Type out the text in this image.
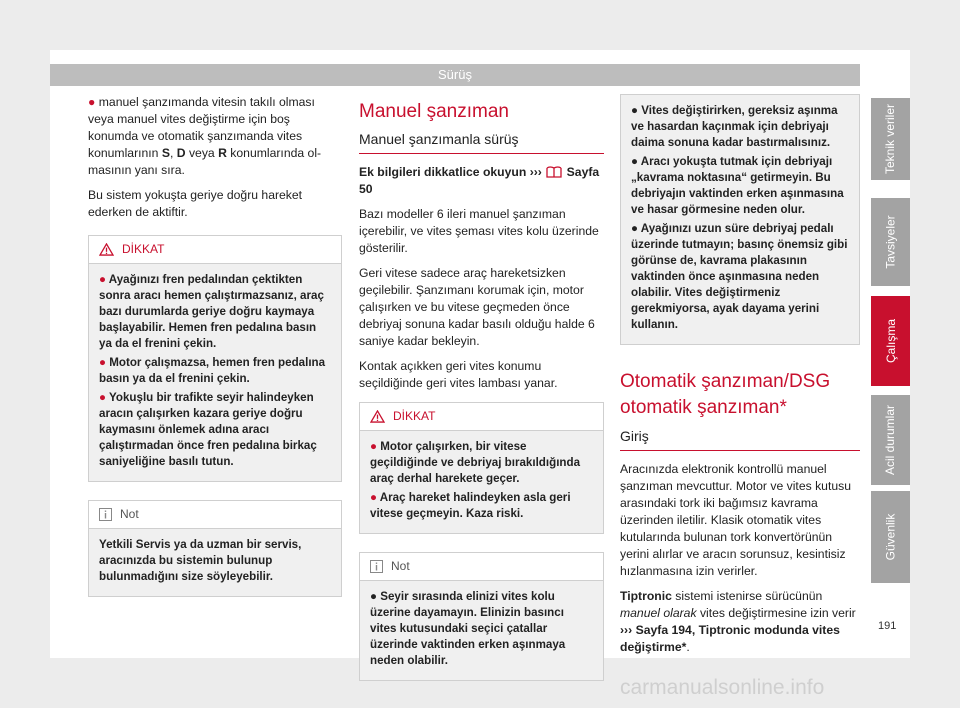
Sürüş

● manuel şanzımanda vitesin takılı olması veya manuel vites değiştirme için boş konumda ve otomatik şanzımanda vites konumlarının S, D veya R konumlarında olmasının yanı sıra.

Bu sistem yokuşta geriye doğru hareket ederken de aktiftir.

DİKKAT

● Ayağınızı fren pedalından çektikten sonra aracı hemen çalıştırmazsanız, araç bazı durumlarda geriye doğru kaymaya başlayabilir. Hemen fren pedalına basın ya da el frenini çekin.

● Motor çalışmazsa, hemen fren pedalına basın ya da el frenini çekin.

● Yokuşlu bir trafikte seyir halindeyken aracın çalışırken kazara geriye doğru kaymasını önlemek adına aracı çalıştırmadan önce fren pedalına birkaç saniyeliğine basılı tutun.

Not

Yetkili Servis ya da uzman bir servis, aracınızda bu sistemin bulunup bulunmadığını size söyleyebilir.

Manuel şanzıman
Manuel şanzımanla sürüş

Ek bilgileri dikkatlice okuyun ››› Sayfa 50

Bazı modeller 6 ileri manuel şanzıman içerebilir, ve vites şeması vites kolu üzerinde gösterilir.

Geri vitese sadece araç hareketsizken geçilebilir. Şanzımanı korumak için, motor çalışırken ve bu vitese geçmeden önce debriyaj sonuna kadar basılı olduğu halde 6 saniye kadar bekleyin.

Kontak açıkken geri vites konumu seçildiğinde geri vites lambası yanar.

DİKKAT

● Motor çalışırken, bir vitese geçildiğinde ve debriyaj bırakıldığında araç derhal harekete geçer.

● Araç hareket halindeyken asla geri vitese geçmeyin. Kaza riski.

Not

● Seyir sırasında elinizi vites kolu üzerine dayamayın. Elinizin basıncı vites kutusundaki seçici çatallar üzerinde vaktinden erken aşınmaya neden olabilir.

● Vites değiştirirken, gereksiz aşınma ve hasardan kaçınmak için debriyajı daima sonuna kadar bastırmalısınız.

● Aracı yokuşta tutmak için debriyajı „kavrama noktasına“ getirmeyin. Bu debriyajın vaktinden erken aşınmasına ve hasar görmesine neden olur.

● Ayağınızı uzun süre debriyaj pedalı üzerinde tutmayın; basınç önemsiz gibi görünse de, kavrama plakasının vaktinden önce aşınmasına neden olabilir. Vites değiştirmeniz gerekmiyorsa, ayak dayama yerini kullanın.

Otomatik şanzıman/DSG otomatik şanzıman*
Giriş

Aracınızda elektronik kontrollü manuel şanzıman mevcuttur. Motor ve vites kutusu arasındaki tork iki bağımsız kavrama üzerinden iletilir. Klasik otomatik vites kutularında bulunan tork konvertörünün yerini alırlar ve aracın sorunsuz, kesintisiz hızlanmasına izin verirler.

Tiptronic sistemi istenirse sürücünün manuel olarak vites değiştirmesine izin verir ››› Sayfa 194, Tiptronic modunda vites değiştirme*.

Teknik veriler
Tavsiyeler
Çalışma
Acil durumlar
Güvenlik
191
carmanualsonline.info
